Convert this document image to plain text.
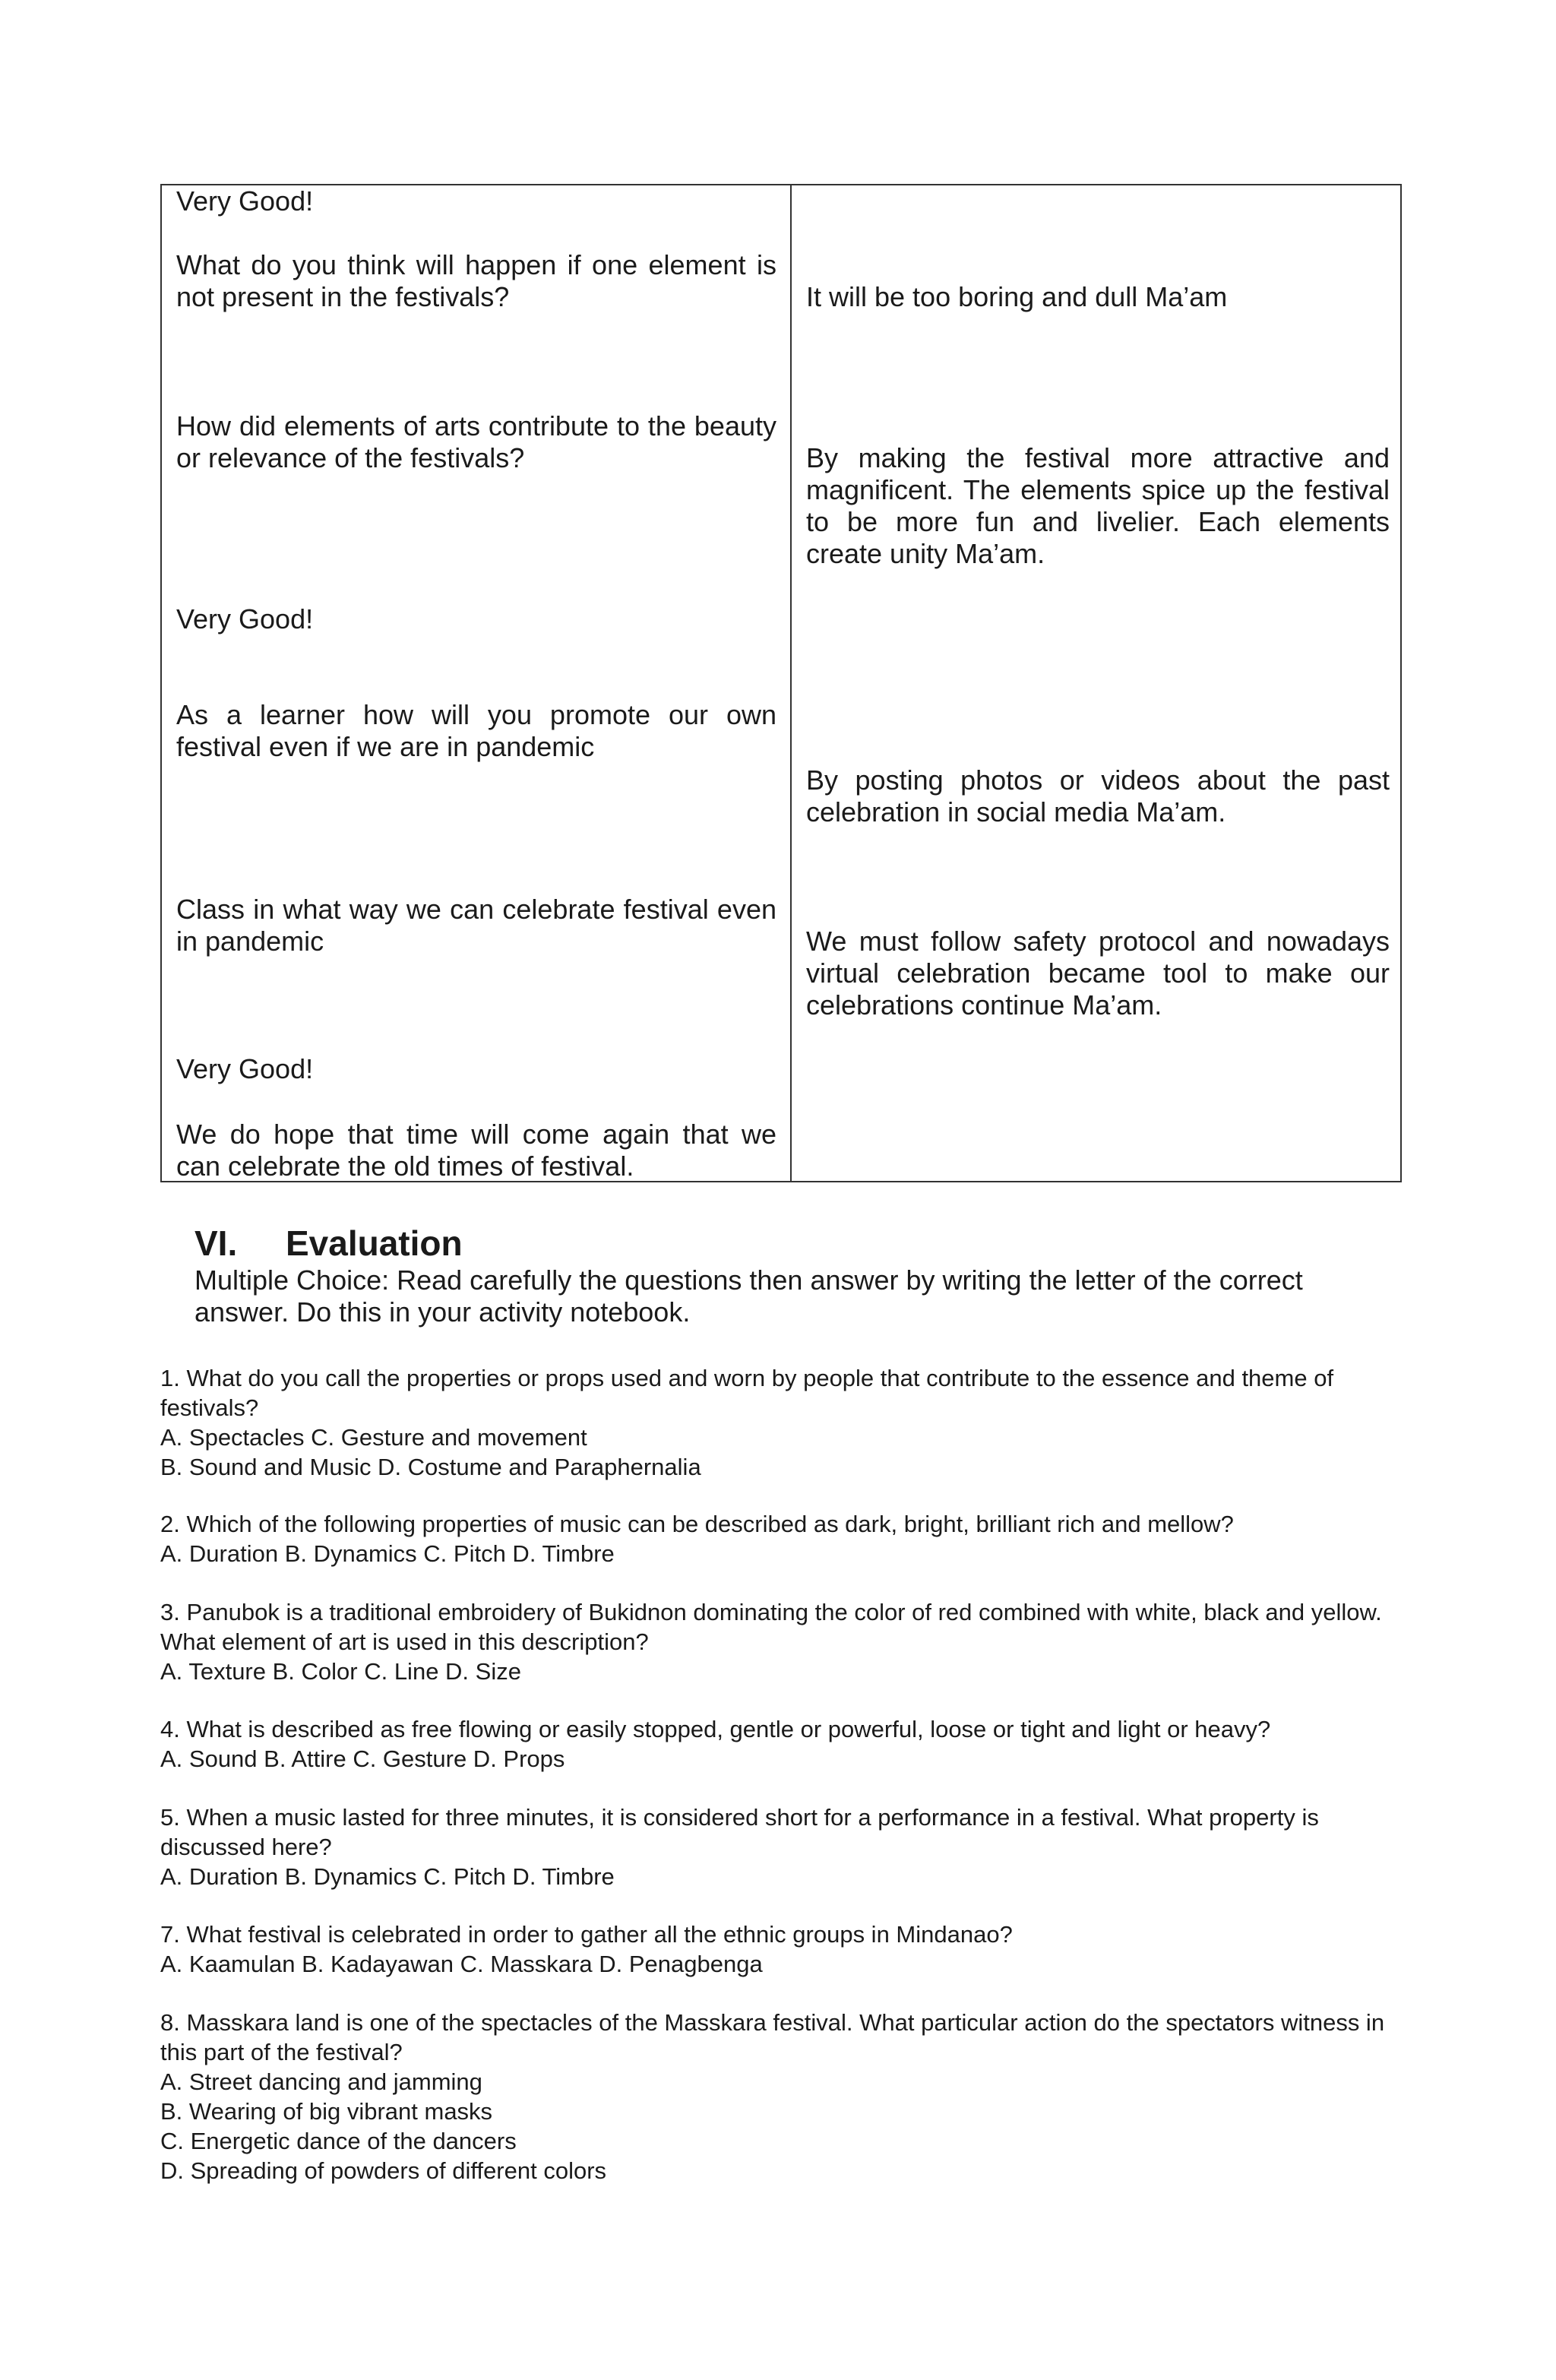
Very Good!

What do you think will happen if one element is not present in the festivals?

How did elements of arts contribute to the beauty or relevance of the festivals?

Very Good!

As a learner how will you promote our own festival even if we are in pandemic

Class in what way we can celebrate festival even in pandemic

Very Good!

We do hope that time will come again that we can celebrate the old times of festival.

It will be too boring and dull Ma’am

By making the festival more attractive and magnificent. The elements spice up the festival to be more fun and livelier. Each elements create unity Ma’am.

By posting photos or videos about the past celebration in social media Ma’am.

We must follow safety protocol and nowadays virtual celebration became tool to make our celebrations continue Ma’am.

VI.	Evaluation

Multiple Choice: Read carefully the questions then answer by writing the letter of the correct answer. Do this in your activity notebook.

1. What do you call the properties or props used and worn by people that contribute to the essence and theme of festivals?
A. Spectacles C. Gesture and movement
B. Sound and Music D. Costume and Paraphernalia
2. Which of the following properties of music can be described as dark, bright, brilliant rich and mellow?
A. Duration B. Dynamics C. Pitch D. Timbre
3. Panubok is a traditional embroidery of Bukidnon dominating the color of red combined with white, black and yellow. What element of art is used in this description?
A. Texture B. Color C. Line D. Size
4. What is described as free flowing or easily stopped, gentle or powerful, loose or tight and light or heavy?
A. Sound B. Attire C. Gesture D. Props
5. When a music lasted for three minutes, it is considered short for a performance in a festival. What property is discussed here?
A. Duration B. Dynamics C. Pitch D. Timbre
7. What festival is celebrated in order to gather all the ethnic groups in Mindanao?
A. Kaamulan B. Kadayawan C. Masskara D. Penagbenga
8. Masskara land is one of the spectacles of the Masskara festival. What particular action do the spectators witness in this part of the festival?
A. Street dancing and jamming
B. Wearing of big vibrant masks
C. Energetic dance of the dancers
D. Spreading of powders of different colors
